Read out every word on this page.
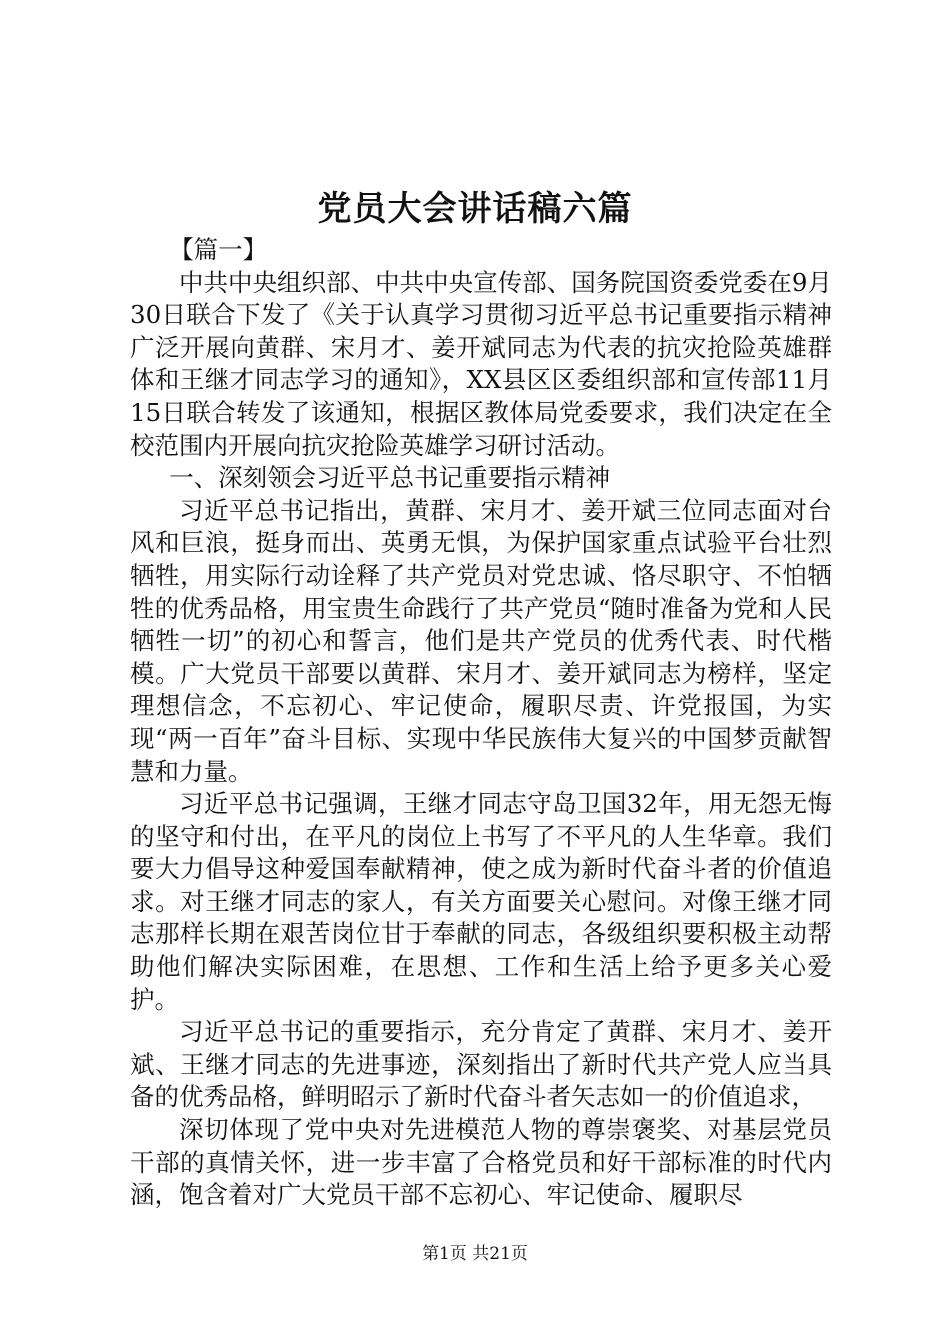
党员大会讲话稿六篇

【篇一】

中共中央组织部、中共中央宣传部、国务院国资委党委在9月30日联合下发了《关于认真学习贯彻习近平总书记重要指示精神广泛开展向黄群、宋月才、姜开斌同志为代表的抗灾抢险英雄群体和王继才同志学习的通知》，XX县区区委组织部和宣传部11月15日联合转发了该通知，根据区教体局党委要求，我们决定在全校范围内开展向抗灾抢险英雄学习研讨活动。

一、深刻领会习近平总书记重要指示精神

习近平总书记指出，黄群、宋月才、姜开斌三位同志面对台风和巨浪，挺身而出、英勇无惧，为保护国家重点试验平台壮烈牺牲，用实际行动诠释了共产党员对党忠诚、恪尽职守、不怕牺牲的优秀品格，用宝贵生命践行了共产党员“随时准备为党和人民牺牲一切”的初心和誓言，他们是共产党员的优秀代表、时代楷模。广大党员干部要以黄群、宋月才、姜开斌同志为榜样，坚定理想信念，不忘初心、牢记使命，履职尽责、许党报国，为实现“两一百年”奋斗目标、实现中华民族伟大复兴的中国梦贡献智慧和力量。

习近平总书记强调，王继才同志守岛卫国32年，用无怨无悔的坚守和付出，在平凡的岗位上书写了不平凡的人生华章。我们要大力倡导这种爱国奉献精神，使之成为新时代奋斗者的价值追求。对王继才同志的家人，有关方面要关心慰问。对像王继才同志那样长期在艰苦岗位甘于奉献的同志，各级组织要积极主动帮助他们解决实际困难，在思想、工作和生活上给予更多关心爱护。

习近平总书记的重要指示，充分肯定了黄群、宋月才、姜开斌、王继才同志的先进事迹，深刻指出了新时代共产党人应当具备的优秀品格，鲜明昭示了新时代奋斗者矢志如一的价值追求，

深切体现了党中央对先进模范人物的尊崇褒奖、对基层党员干部的真情关怀，进一步丰富了合格党员和好干部标准的时代内涵，饱含着对广大党员干部不忘初心、牢记使命、履职尽

第1页 共21页
